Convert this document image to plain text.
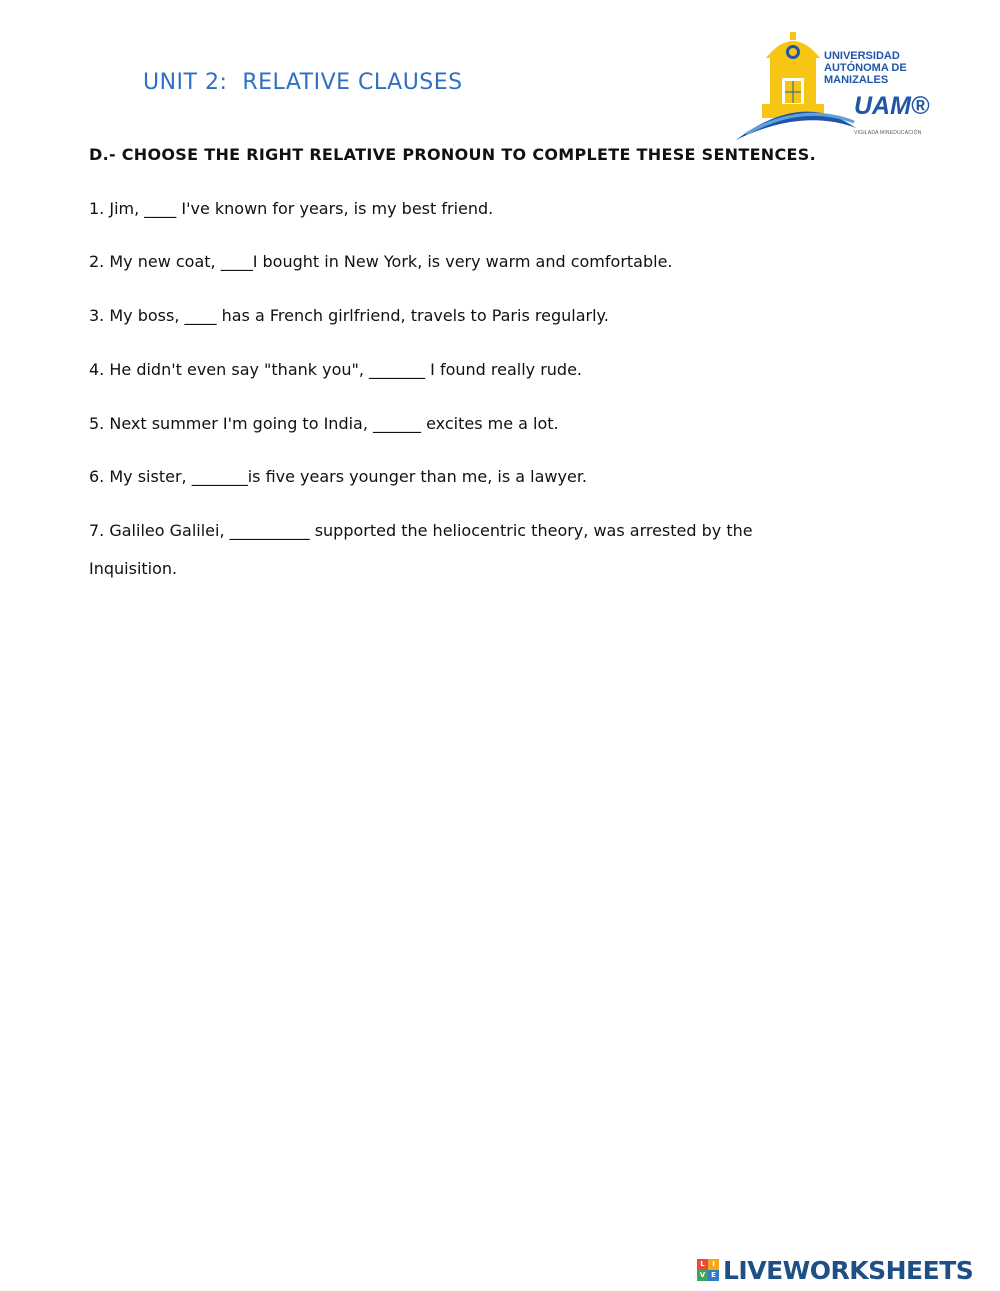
UNIT 2:  RELATIVE CLAUSES
UNIVERSIDAD
AUTÓNOMA DE
MANIZALES
UAM®
VIGILADA MINEDUCACIÓN
D.- CHOOSE THE RIGHT RELATIVE PRONOUN TO COMPLETE THESE SENTENCES.
1. Jim, ____ I've known for years, is my best friend.
2. My new coat, ____I bought in New York, is very warm and comfortable.
3. My boss, ____ has a French girlfriend, travels to Paris regularly.
4. He didn't even say "thank you", _______ I found really rude.
5. Next summer I'm going to India, ______ excites me a lot.
6. My sister, _______is five years younger than me, is a lawyer.
7. Galileo Galilei, __________ supported the heliocentric theory, was arrested by the
Inquisition.
L	I
V E LIVEWORKSHEETS
